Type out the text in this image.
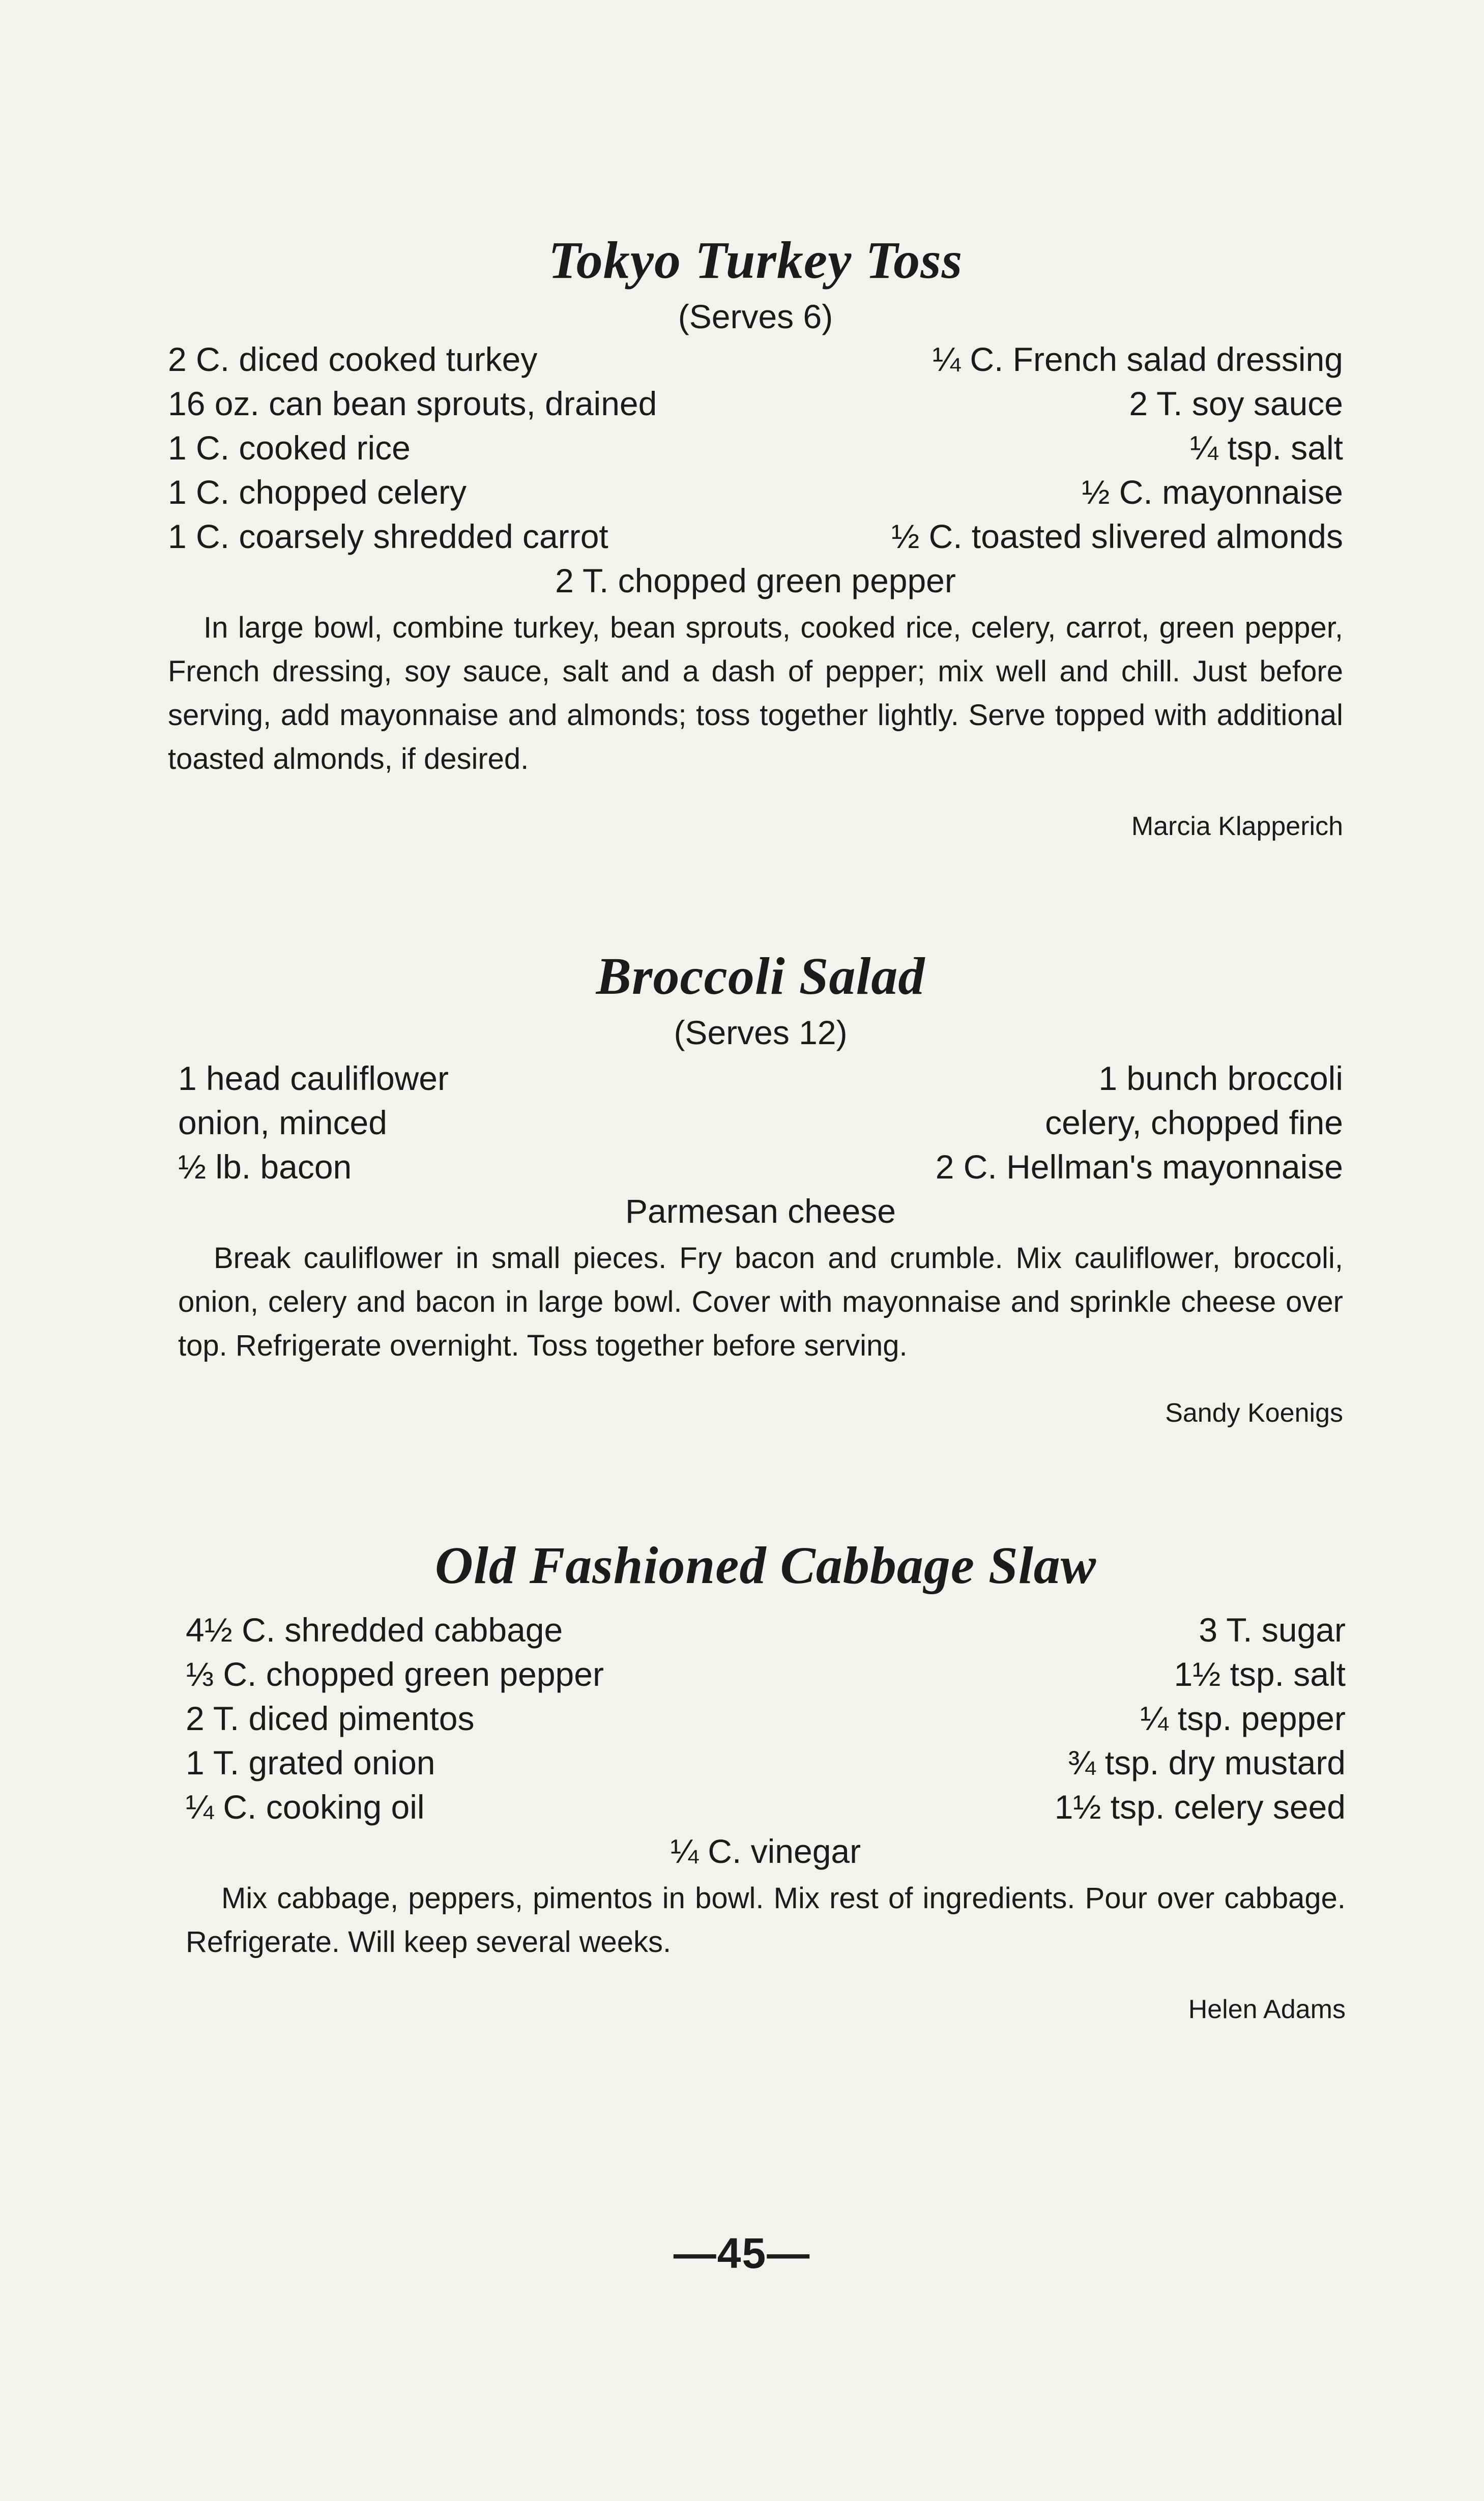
Tokyo Turkey Toss
(Serves 6)
2 C. diced cooked turkey
16 oz. can bean sprouts, drained
1 C. cooked rice
1 C. chopped celery
1 C. coarsely shredded carrot
¼ C. French salad dressing
2 T. soy sauce
¼ tsp. salt
½ C. mayonnaise
½ C. toasted slivered almonds
2 T. chopped green pepper

In large bowl, combine turkey, bean sprouts, cooked rice, celery, carrot, green pepper, French dressing, soy sauce, salt and a dash of pepper; mix well and chill. Just before serving, add mayonnaise and almonds; toss together lightly. Serve topped with additional toasted almonds, if desired.

Marcia Klapperich
Broccoli Salad
(Serves 12)
1 head cauliflower
onion, minced
½ lb. bacon
1 bunch broccoli
celery, chopped fine
2 C. Hellman's mayonnaise
Parmesan cheese

Break cauliflower in small pieces. Fry bacon and crumble. Mix cauliflower, broccoli, onion, celery and bacon in large bowl. Cover with mayonnaise and sprinkle cheese over top. Refrigerate overnight. Toss together before serving.

Sandy Koenigs
Old Fashioned Cabbage Slaw
4½ C. shredded cabbage
⅓ C. chopped green pepper
2 T. diced pimentos
1 T. grated onion
¼ C. cooking oil
3 T. sugar
1½ tsp. salt
¼ tsp. pepper
¾ tsp. dry mustard
1½ tsp. celery seed
¼ C. vinegar

Mix cabbage, peppers, pimentos in bowl. Mix rest of ingredients. Pour over cabbage. Refrigerate. Will keep several weeks.

Helen Adams
—45—
